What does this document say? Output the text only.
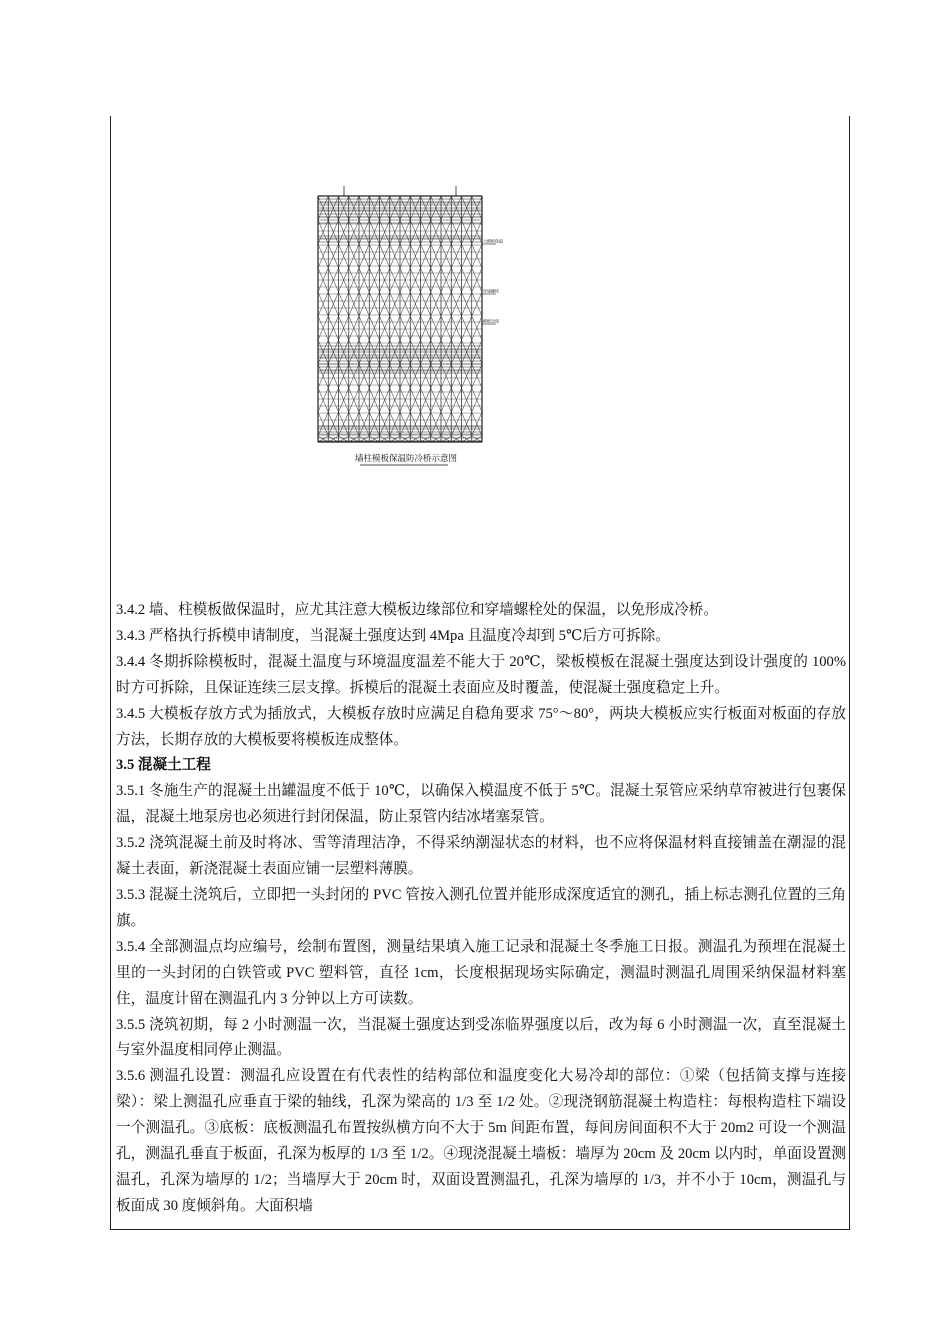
大模板保温
穿墙螺栓
模板边缘
墙柱模板保温防冷桥示意图

3.4.2 墙、柱模板做保温时，应尤其注意大模板边缘部位和穿墙螺栓处的保温，以免形成冷桥。

3.4.3 严格执行拆模申请制度，当混凝土强度达到 4Mpa 且温度冷却到 5℃后方可拆除。

3.4.4 冬期拆除模板时，混凝土温度与环境温度温差不能大于 20℃，梁板模板在混凝土强度达到设计强度的 100%时方可拆除，且保证连续三层支撑。拆模后的混凝土表面应及时覆盖，使混凝土强度稳定上升。

3.4.5 大模板存放方式为插放式，大模板存放时应满足自稳角要求 75°～80°，两块大模板应实行板面对板面的存放方法，长期存放的大模板要将模板连成整体。

3.5 混凝土工程

3.5.1 冬施生产的混凝土出罐温度不低于 10℃，以确保入模温度不低于 5℃。混凝土泵管应采纳草帘被进行包裹保温，混凝土地泵房也必须进行封闭保温，防止泵管内结冰堵塞泵管。

3.5.2 浇筑混凝土前及时将冰、雪等清理洁净，不得采纳潮湿状态的材料，也不应将保温材料直接铺盖在潮湿的混凝土表面，新浇混凝土表面应铺一层塑料薄膜。

3.5.3 混凝土浇筑后，立即把一头封闭的 PVC 管按入测孔位置并能形成深度适宜的测孔，插上标志测孔位置的三角旗。

3.5.4 全部测温点均应编号，绘制布置图，测量结果填入施工记录和混凝土冬季施工日报。测温孔为预埋在混凝土里的一头封闭的白铁管或 PVC 塑料管，直径 1cm，长度根据现场实际确定，测温时测温孔周围采纳保温材料塞住，温度计留在测温孔内 3 分钟以上方可读数。

3.5.5 浇筑初期，每 2 小时测温一次，当混凝土强度达到受冻临界强度以后，改为每 6 小时测温一次，直至混凝土与室外温度相同停止测温。

3.5.6 测温孔设置：测温孔应设置在有代表性的结构部位和温度变化大易冷却的部位：①梁（包括简支撑与连接梁）：梁上测温孔应垂直于梁的轴线，孔深为梁高的 1/3 至 1/2 处。②现浇钢筋混凝土构造柱：每根构造柱下端设一个测温孔。③底板：底板测温孔布置按纵横方向不大于 5m 间距布置，每间房间面积不大于 20m2 可设一个测温孔，测温孔垂直于板面，孔深为板厚的 1/3 至 1/2。④现浇混凝土墙板：墙厚为 20cm 及 20cm 以内时，单面设置测温孔，孔深为墙厚的 1/2；当墙厚大于 20cm 时，双面设置测温孔，孔深为墙厚的 1/3，并不小于 10cm，测温孔与板面成 30 度倾斜角。大面积墙
